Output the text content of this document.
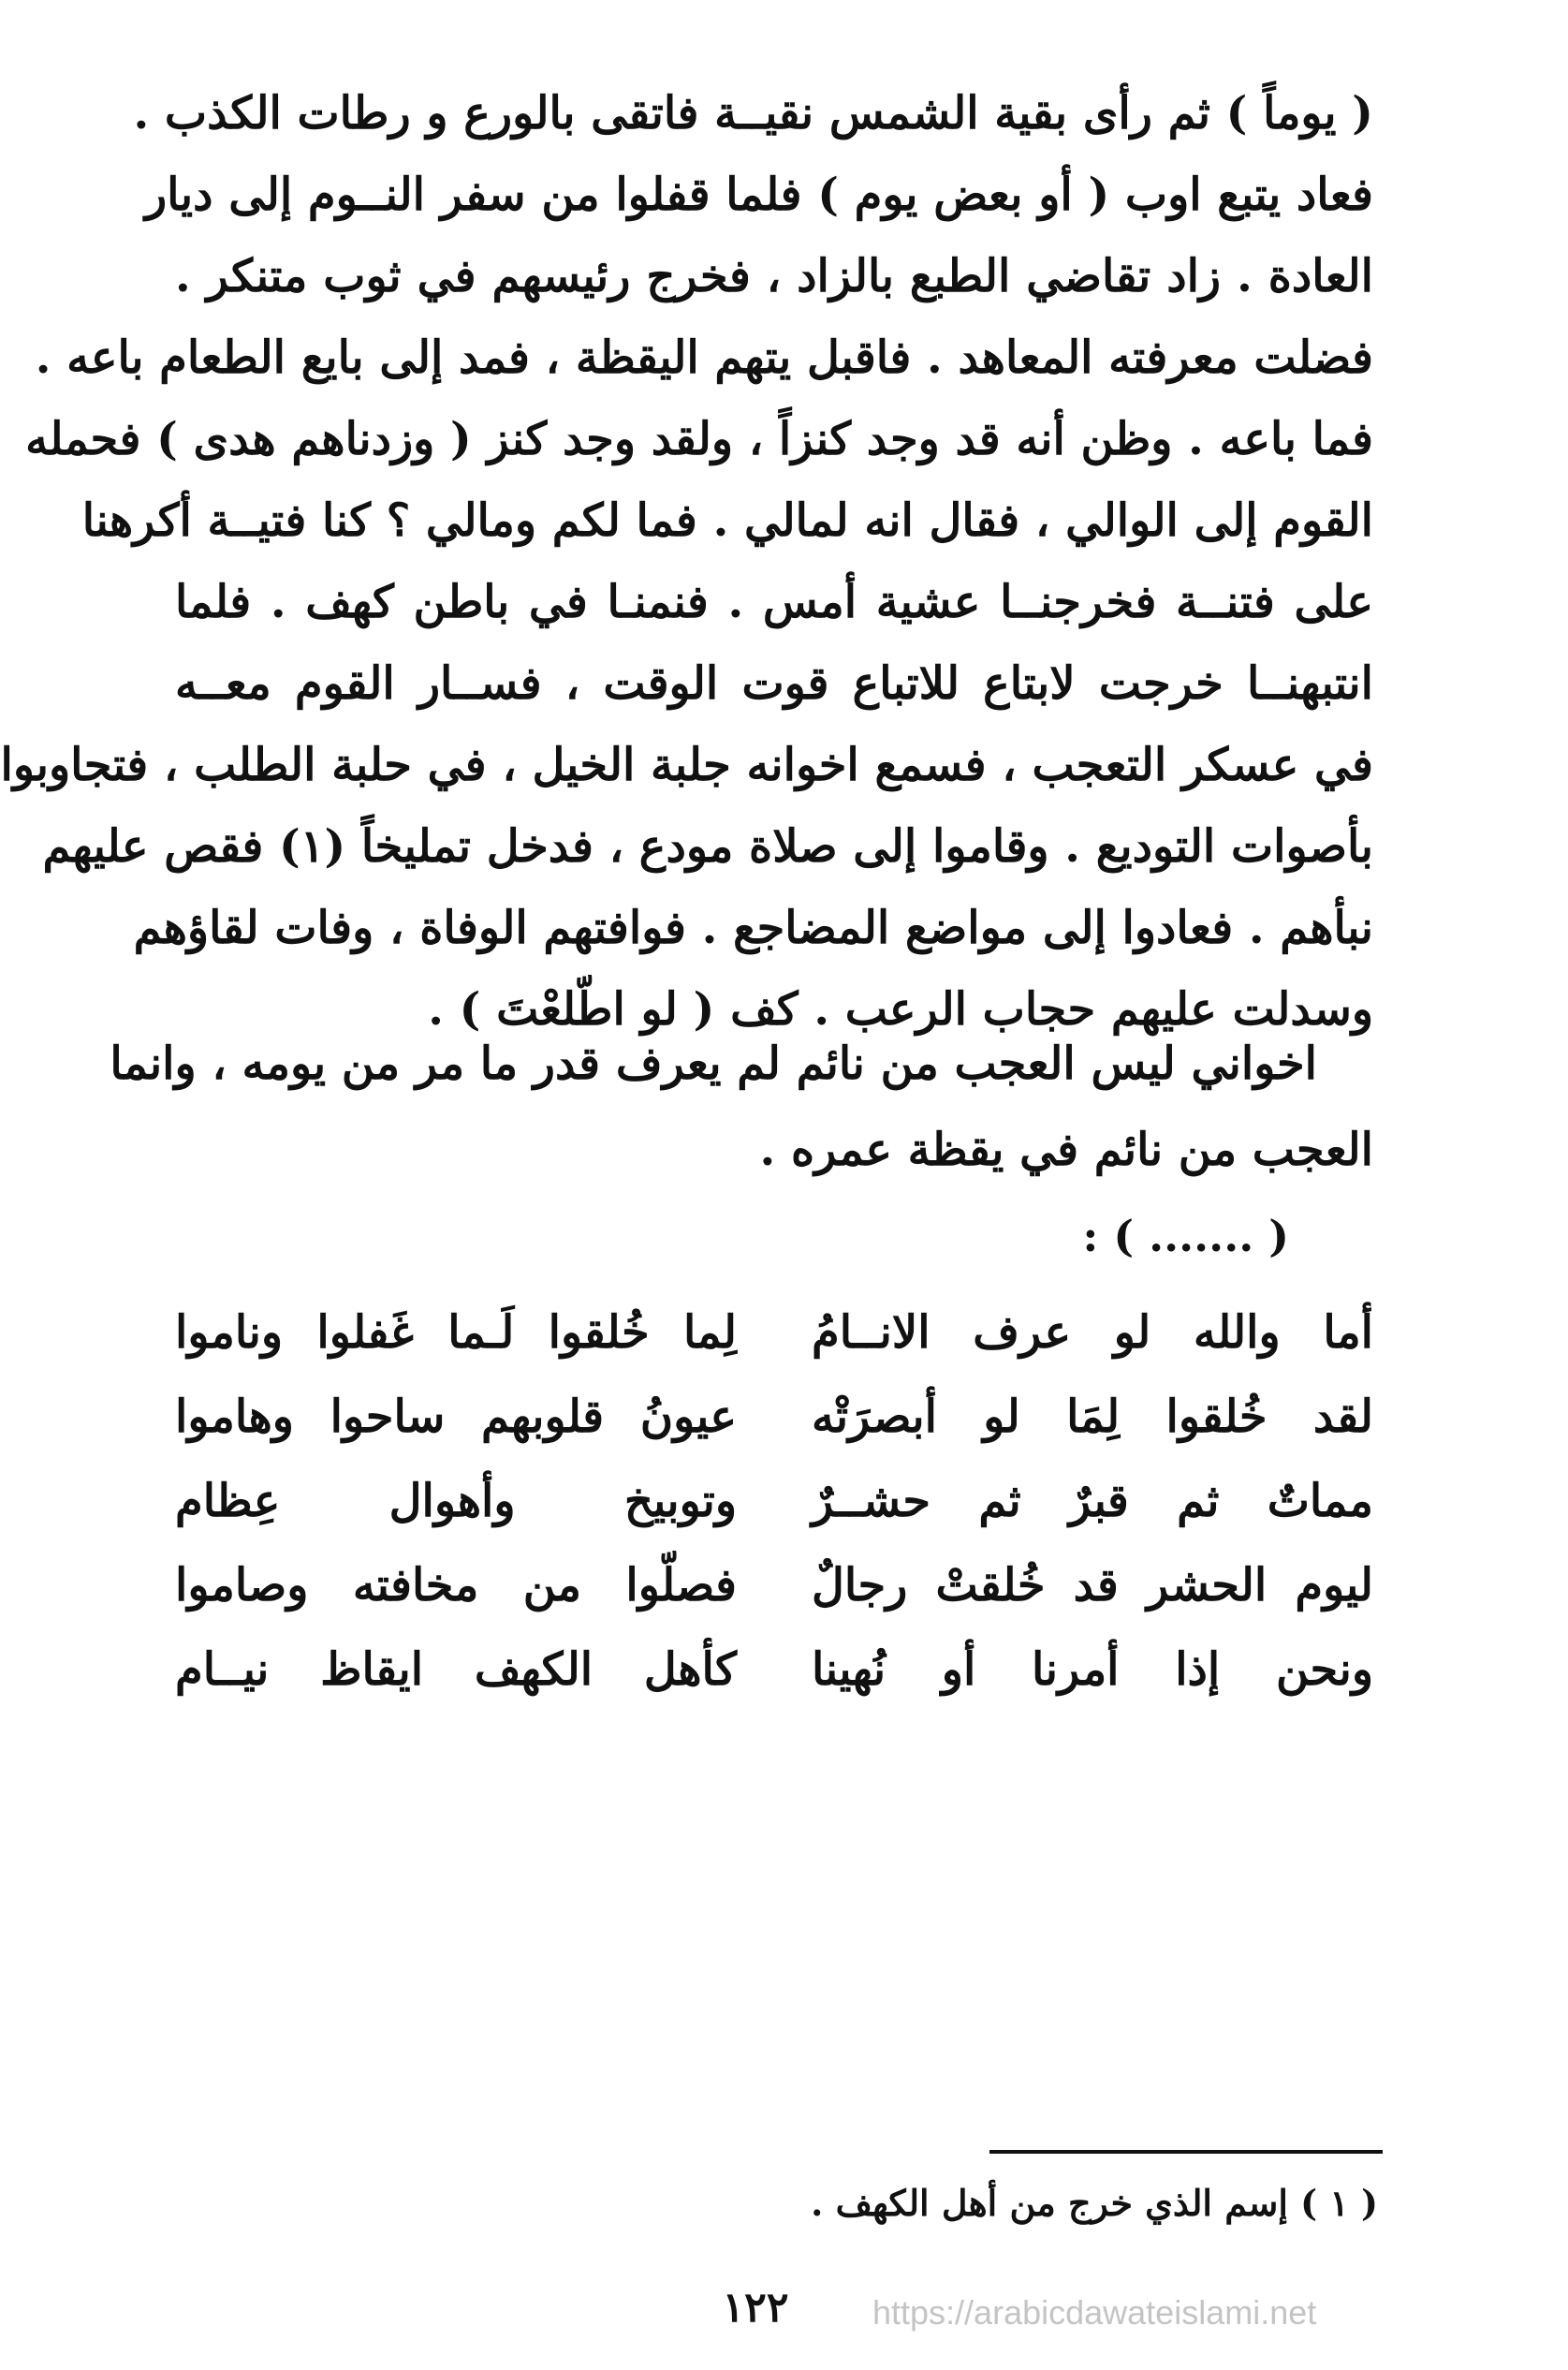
( يوماً ) ثم رأى بقية الشمس نقيــة فاتقى بالورع و رطات الكذب .
فعاد يتبع اوب ( أو بعض يوم ) فلما قفلوا من سفر النــوم إلى ديار
العادة . زاد تقاضي الطبع بالزاد ، فخرج رئيسهم في ثوب متنكر .
فضلت معرفته المعاهد . فاقبل يتهم اليقظة ، فمد إلى بايع الطعام باعه .
فما باعه . وظن أنه قد وجد كنزاً ، ولقد وجد كنز ( وزدناهم هدى ) فحمله
القوم إلى الوالي ، فقال انه لمالي . فما لكم ومالي ؟ كنا فتيــة أكرهنا
على فتنــة فخرجنــا عشية أمس . فنمنـا في باطن كهف . فلما
انتبهنــا خرجت لابتاع للاتباع قوت الوقت ، فســار القوم معــه
في عسكر التعجب ، فسمع اخوانه جلبة الخيل ، في حلبة الطلب ، فتجاوبوا
بأصوات التوديع . وقاموا إلى صلاة مودع ، فدخل تمليخاً (١) فقص عليهم
نبأهم . فعادوا إلى مواضع المضاجع . فوافتهم الوفاة ، وفات لقاؤهم
وسدلت عليهم حجاب الرعب . كف ( لو اطّلعْتَ ) .
اخواني ليس العجب من نائم لم يعرف قدر ما مر من يومه ، وانما
العجب من نائم في يقظة عمره .
( ....... ) :
أما والله لو عرف الانــامُ
لِما خُلقوا لَـما غَفلوا وناموا
لقد خُلقوا لِمَا لو أبصرَتْه
عيونُ قلوبهم ساحوا وهاموا
مماتٌ ثم قبرٌ ثم حشــرٌ
وتوبيخ وأهوال عِظام
ليوم الحشر قد خُلقتْ رجالٌ
فصلّوا من مخافته وصاموا
ونحن إذا أمرنا أو نُهينا
كأهل الكهف ايقاظ نيــام
( ١ ) إسم الذي خرج من أهل الكهف .
١٢٢	https://arabicdawateislami.net
